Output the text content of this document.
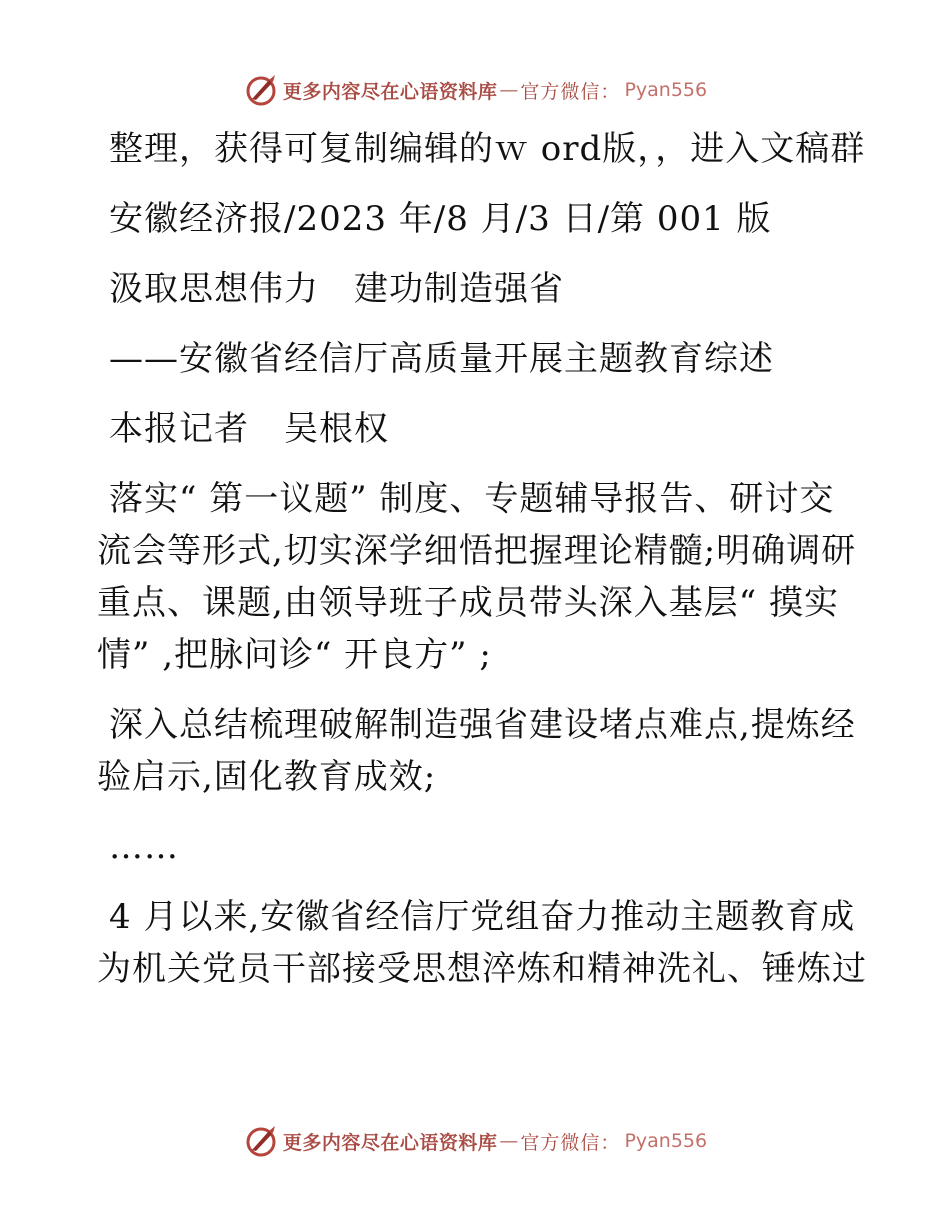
更多内容尽在心语资料库 — 官方微信： Pyan556

整理，获得可复制编辑的ｗ ord版，，进入文稿群

安徽经济报/2023 年/8 月/3 日/第 001 版

汲取思想伟力　建功制造强省

——安徽省经信厅高质量开展主题教育综述

本报记者　吴根权

落实“ 第一议题” 制度、专题辅导报告、研讨交流会等形式,切实深学细悟把握理论精髓;明确调研重点、课题,由领导班子成员带头深入基层“ 摸实情” ,把脉问诊“ 开良方” ;

深入总结梳理破解制造强省建设堵点难点,提炼经验启示,固化教育成效;

……

4 月以来,安徽省经信厅党组奋力推动主题教育成为机关党员干部接受思想淬炼和精神洗礼、锤炼过

更多内容尽在心语资料库 — 官方微信： Pyan556
